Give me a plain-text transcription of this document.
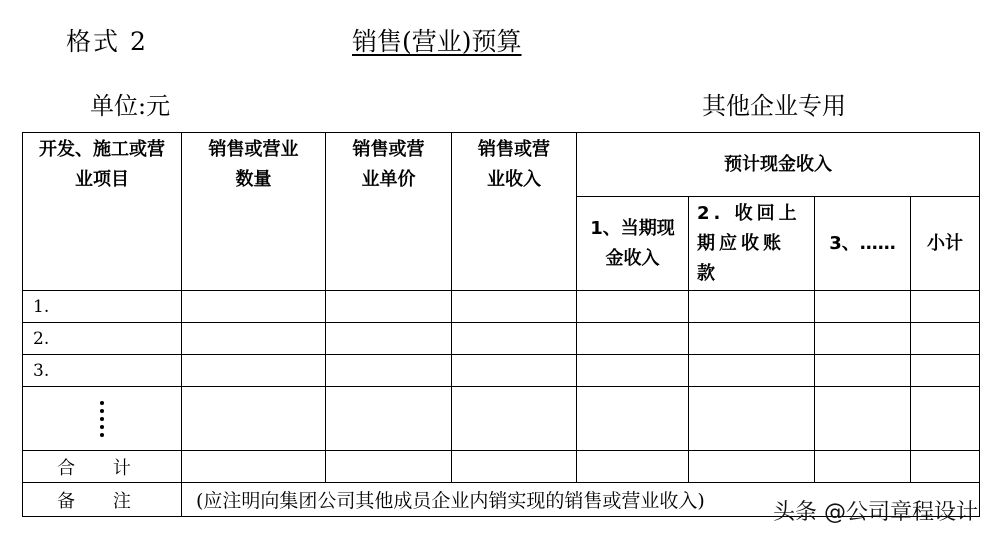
格式 2	销售(营业)预算
单位:元	其他企业专用
开发、施工或营业项目	销售或营业数量	销售或营业单价	销售或营业收入	预计现金收入			
				1、当期现金收入	2. 收回上期应收账款	3、……	小计
1.							
2.							
3.							

合 计							
备 注	(应注明向集团公司其他成员企业内销实现的销售或营业收入)							头条 @公司章程设计
